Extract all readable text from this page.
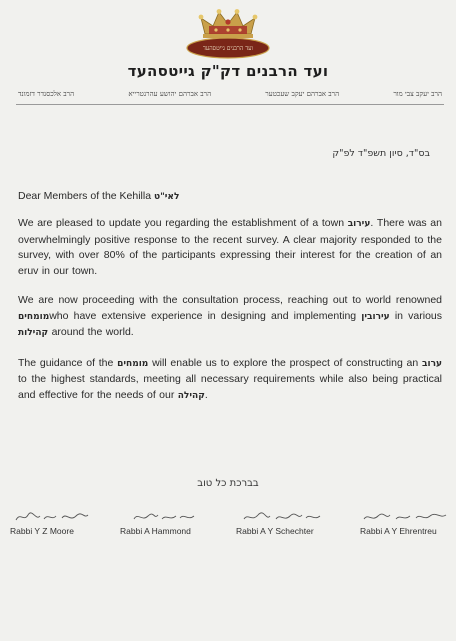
ועד הרבנים גייטסהעד
ועד הרבנים דק"ק גייטסהעד
הרב אלכסנדר דזמונד	הרב אברהם יהושע עהרנטרייא	הרב אברהם יעקב שעכטער	הרב יעקב צבי מור
בס"ד, סיון תשפ"ד לפ"ק

Dear Members of the Kehilla לאי"ט

We are pleased to update you regarding the establishment of a town עירוב. There was an overwhelmingly positive response to the recent survey. A clear majority responded to the survey, with over 80% of the participants expressing their interest for the creation of an eruv in our town.

We are now proceeding with the consultation process, reaching out to world renowned מומחיםwho have extensive experience in designing and implementing עירובין in various קהילות around the world.

The guidance of the מומחים will enable us to explore the prospect of constructing an ערוב to the highest standards, meeting all necessary requirements while also being practical and effective for the needs of our קהילה.

בברכת כל טוב
Rabbi Y Z Moore	Rabbi A Hammond	Rabbi A Y Schechter	Rabbi A Y Ehrentreu
